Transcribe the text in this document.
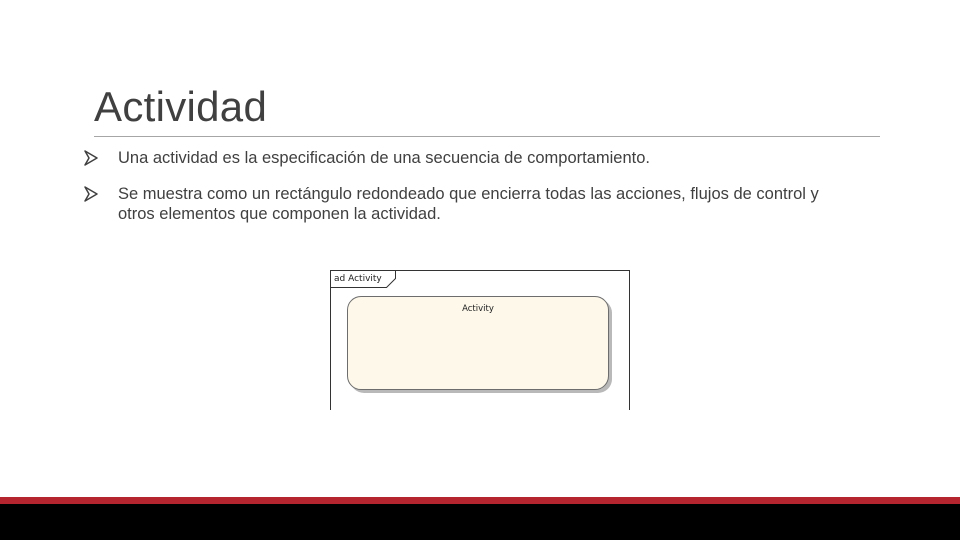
Actividad
Una actividad es la especificación de una secuencia de comportamiento.
Se muestra como un rectángulo redondeado que encierra todas las acciones, flujos de control y otros elementos que componen la actividad.
ad Activity
Activity
